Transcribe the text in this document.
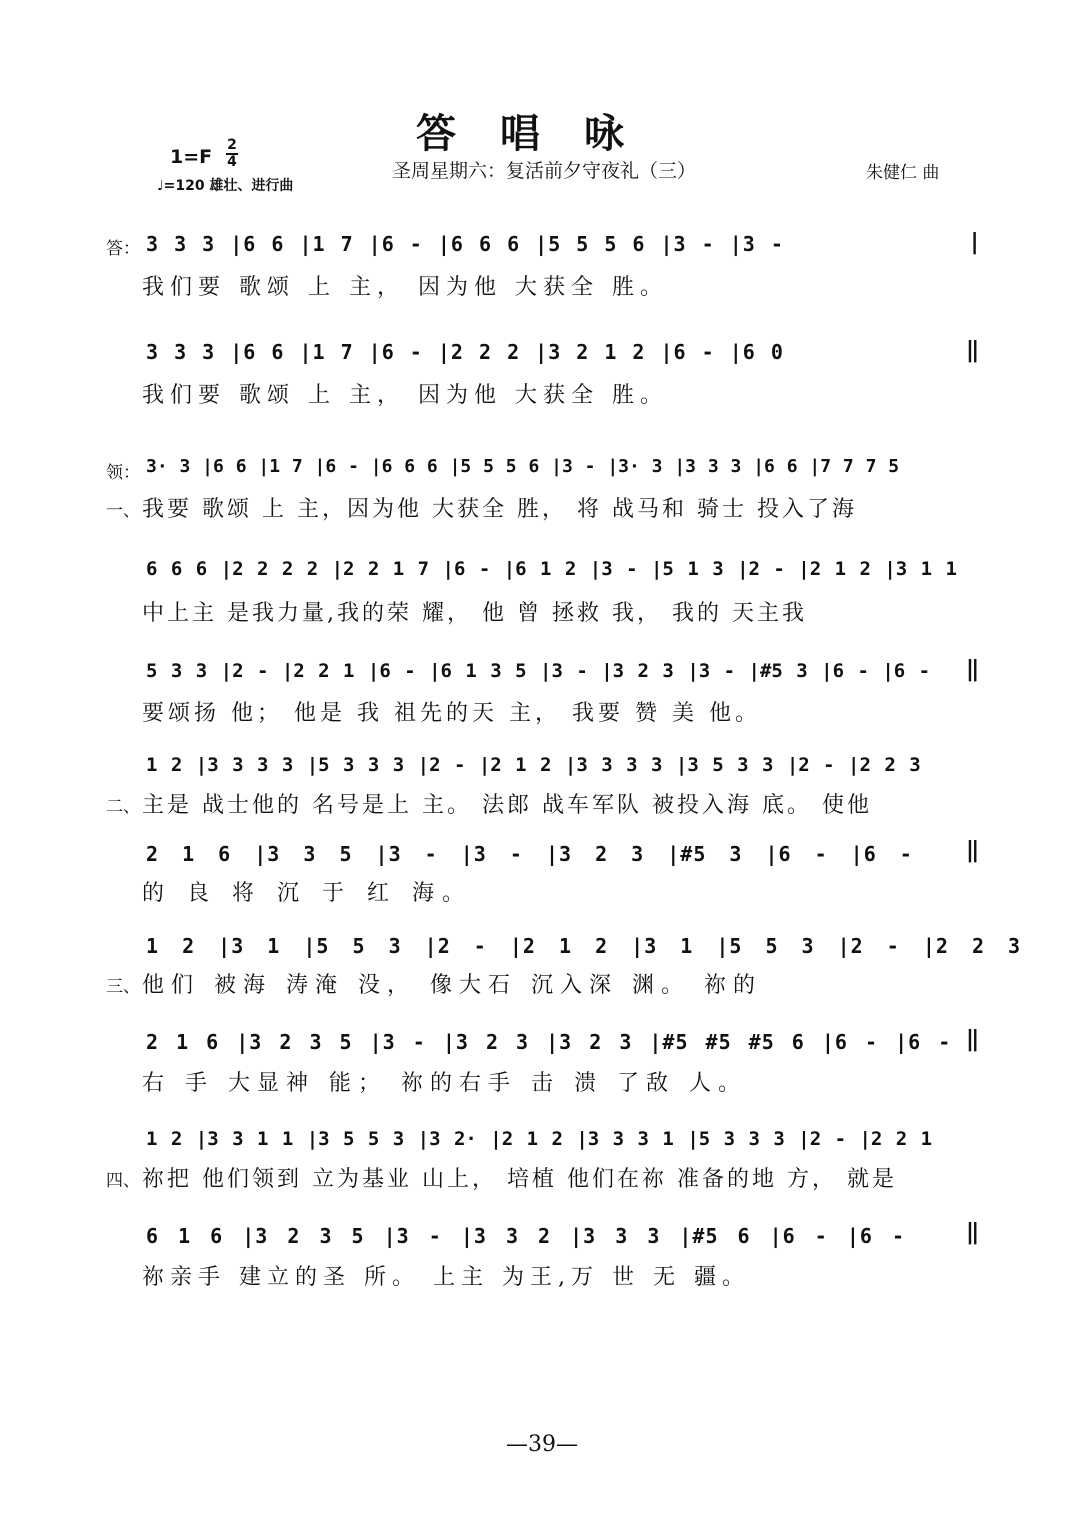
答唱咏
1=F
2
4
♩=120 雄壮、进行曲
圣周星期六：复活前夕守夜礼（三）	朱健仁 曲
答： 3 3 3 |6 6 |1 7 |6 - |6 6 6 |5 5 5 6 |3 - |3 -	|
我们要 歌颂 上 主， 因为他 大获全 胜。
3 3 3 |6 6 |1 7 |6 - |2 2 2 |3 2 1 2 |6 - |6 0	‖
我们要 歌颂 上 主， 因为他 大获全 胜。
领： 3· 3 |6 6 |1 7 |6 - |6 6 6 |5 5 5 6 |3 - |3· 3 |3 3 3 |6 6 |7 7 7 5
一、 我要 歌颂 上 主，因为他 大获全 胜， 将 战马和 骑士 投入了海
6 6 6 |2 2 2 2 |2 2 1 7 |6 - |6 1 2 |3 - |5 1 3 |2 - |2 1 2 |3 1 1
中上主 是我力量,我的荣 耀， 他 曾 拯救 我， 我的 天主我
5 3 3 |2 - |2 2 1 |6 - |6 1 3 5 |3 - |3 2 3 |3 - |#5 3 |6 - |6 - ‖
要颂扬 他； 他是 我 祖先的天 主， 我要 赞 美 他。
1 2 |3 3 3 3 |5 3 3 3 |2 - |2 1 2 |3 3 3 3 |3 5 3 3 |2 - |2 2 3
二、 主是 战士他的 名号是上 主。 法郎 战车军队 被投入海 底。 使他
2 1 6 |3 3 5 |3 - |3 - |3 2 3 |#5 3 |6 - |6 - ‖
的 良 将 沉 于 红 海。
1 2 |3 1 |5 5 3 |2 - |2 1 2 |3 1 |5 5 3 |2 - |2 2 3
三、 他们 被海 涛淹 没， 像大石 沉入深 渊。 祢的
2 1 6 |3 2 3 5 |3 - |3 2 3 |3 2 3 |#5 #5 #5 6 |6 - |6 - ‖
右 手 大显神 能； 祢的右手 击 溃 了敌 人。
1 2 |3 3 1 1 |3 5 5 3 |3 2· |2 1 2 |3 3 3 1 |5 3 3 3 |2 - |2 2 1
四、 祢把 他们领到 立为基业 山上， 培植 他们在祢 准备的地 方， 就是
6 1 6 |3 2 3 5 |3 - |3 3 2 |3 3 3 |#5 6 |6 - |6 -	‖
祢亲手 建立的圣 所。 上主 为王,万 世 无 疆。
—39—
